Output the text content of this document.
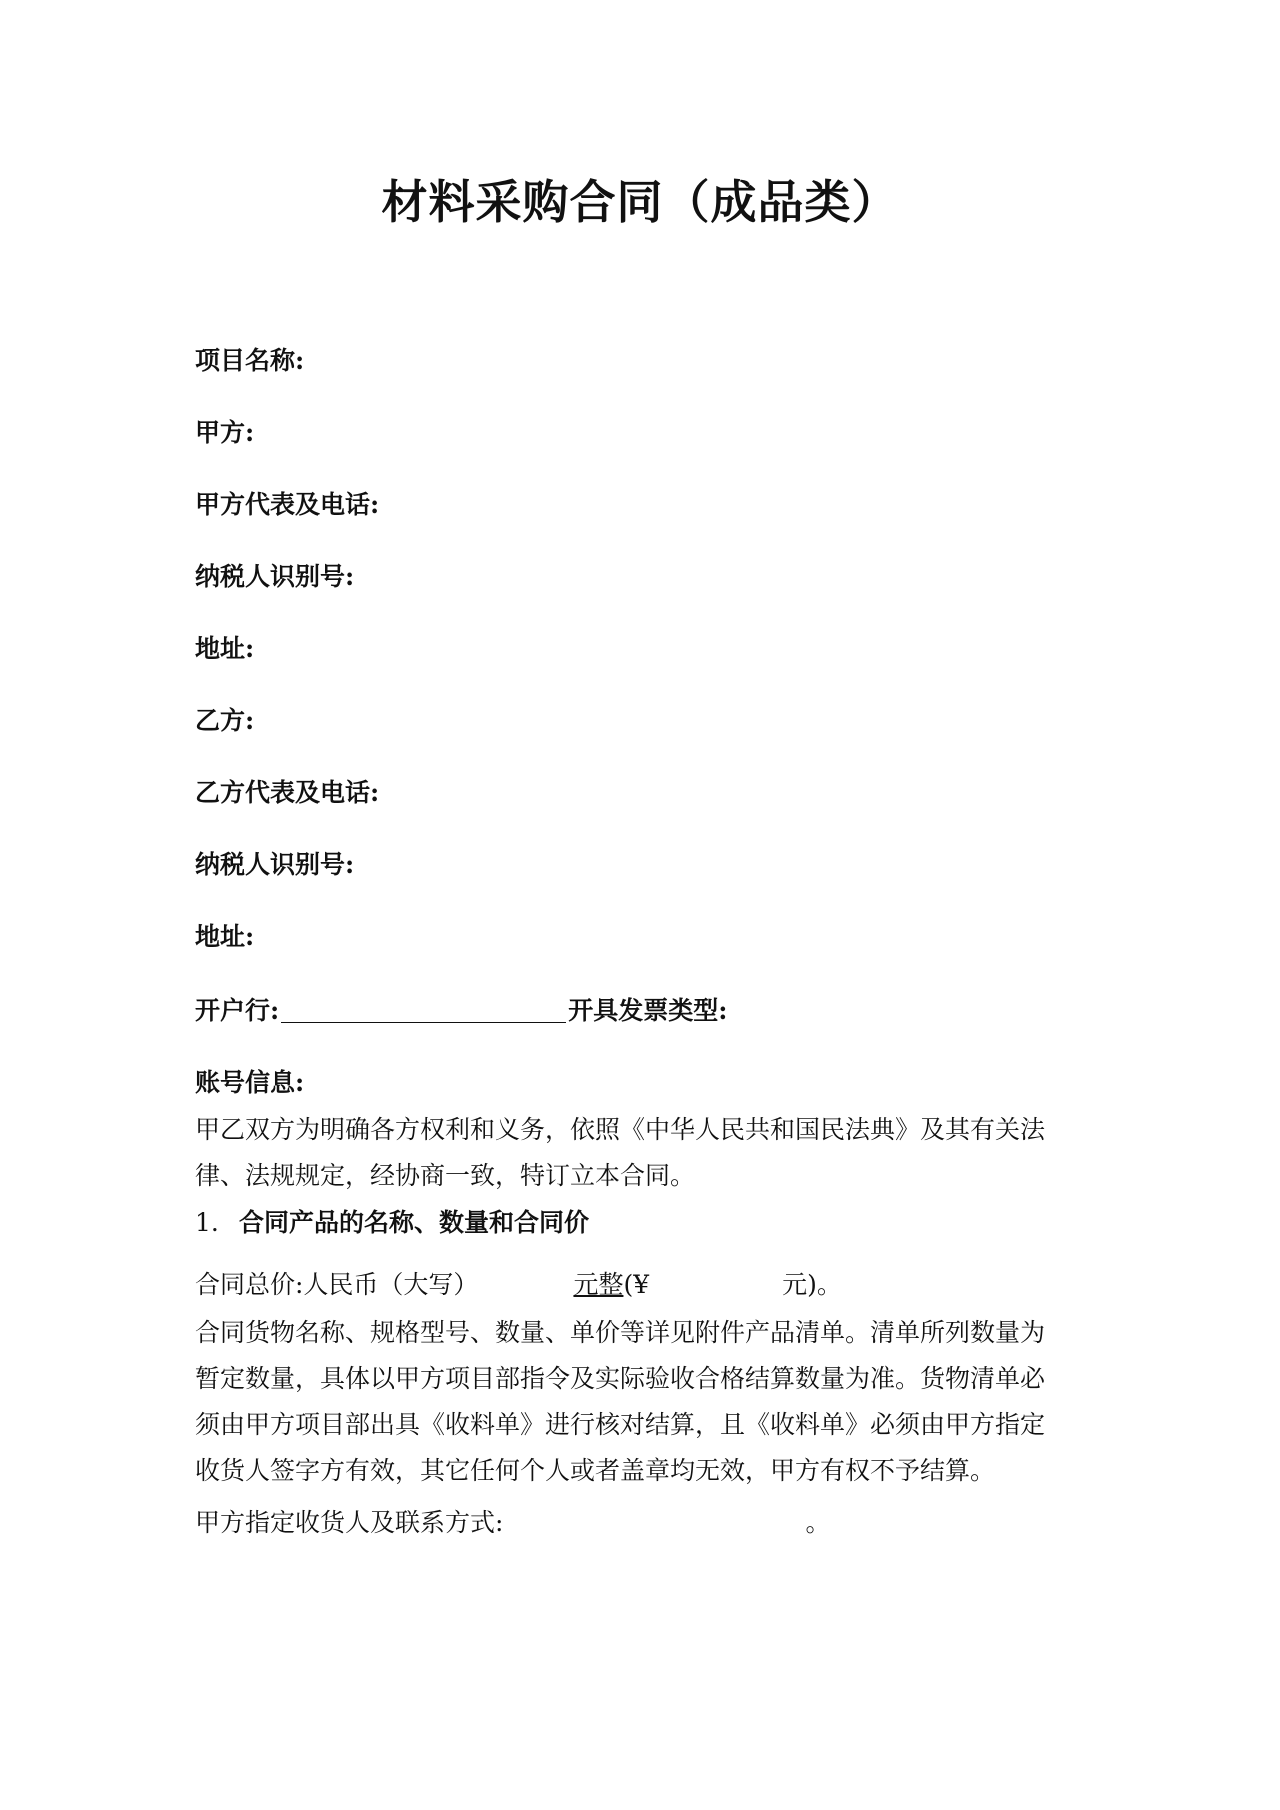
材料采购合同（成品类）
项目名称:
甲方:
甲方代表及电话:
纳税人识别号:
地址:
乙方:
乙方代表及电话:
纳税人识别号:
地址:
开户行:	开具发票类型:
账号信息:
甲乙双方为明确各方权利和义务，依照《中华人民共和国民法典》及其有关法
律、法规规定，经协商一致，特订立本合同。
1. 合同产品的名称、数量和合同价
合同总价:人民币（大写）	元整(¥	元)。
合同货物名称、规格型号、数量、单价等详见附件产品清单。清单所列数量为
暂定数量，具体以甲方项目部指令及实际验收合格结算数量为准。货物清单必
须由甲方项目部出具《收料单》进行核对结算，且《收料单》必须由甲方指定
收货人签字方有效，其它任何个人或者盖章均无效，甲方有权不予结算。
甲方指定收货人及联系方式:	。
